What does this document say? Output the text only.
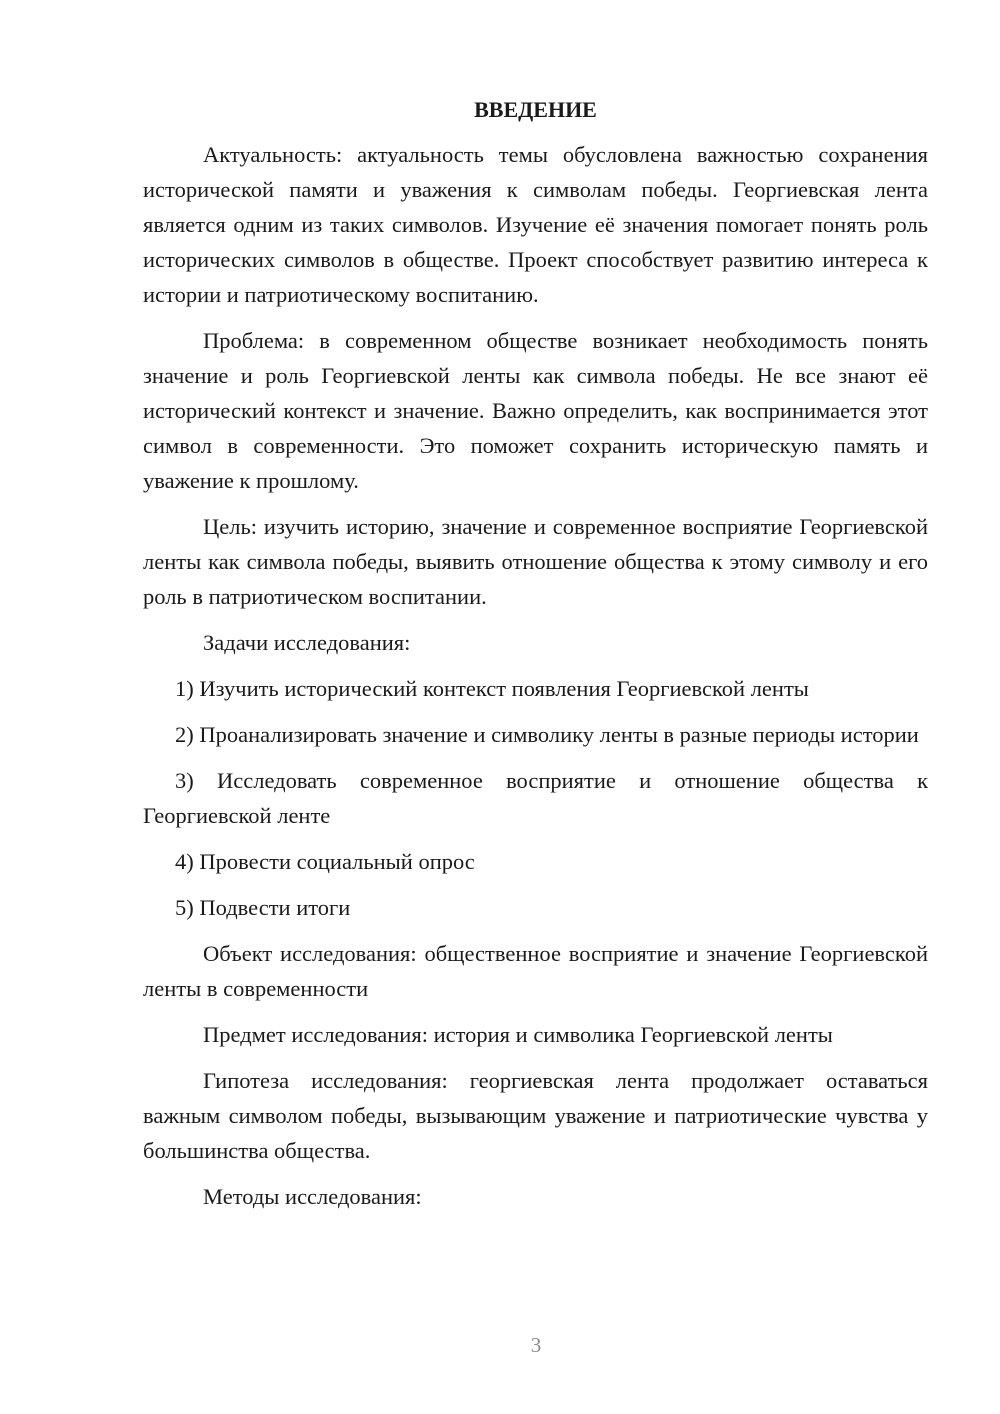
ВВЕДЕНИЕ

Актуальность: актуальность темы обусловлена важностью сохранения исторической памяти и уважения к символам победы. Георгиевская лента является одним из таких символов. Изучение её значения помогает понять роль исторических символов в обществе. Проект способствует развитию интереса к истории и патриотическому воспитанию.

Проблема: в современном обществе возникает необходимость понять значение и роль Георгиевской ленты как символа победы. Не все знают её исторический контекст и значение. Важно определить, как воспринимается этот символ в современности. Это поможет сохранить историческую память и уважение к прошлому.

Цель: изучить историю, значение и современное восприятие Георгиевской ленты как символа победы, выявить отношение общества к этому символу и его роль в патриотическом воспитании.

Задачи исследования:

1) Изучить исторический контекст появления Георгиевской ленты

2) Проанализировать значение и символику ленты в разные периоды истории

3) Исследовать современное восприятие и отношение общества к Георгиевской ленте

4) Провести социальный опрос

5) Подвести итоги

Объект исследования: общественное восприятие и значение Георгиевской ленты в современности

Предмет исследования: история и символика Георгиевской ленты

Гипотеза исследования: георгиевская лента продолжает оставаться важным символом победы, вызывающим уважение и патриотические чувства у большинства общества.

Методы исследования:

3
